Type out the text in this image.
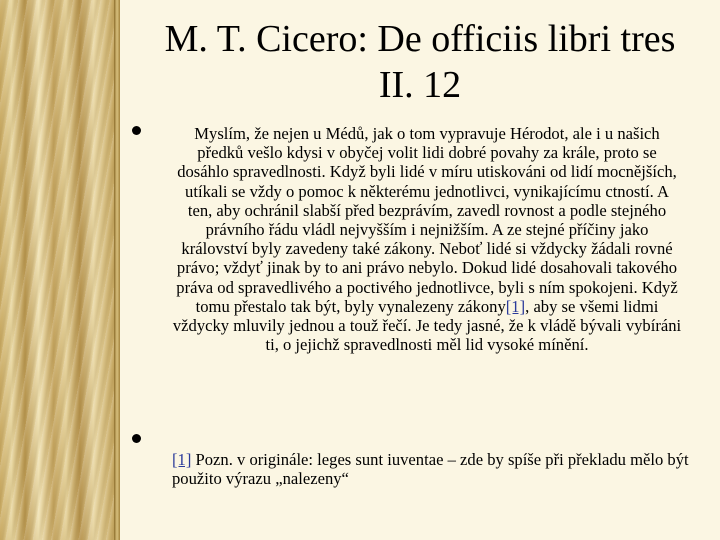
M. T. Cicero: De officiis libri tres
II. 12

Myslím, že nejen u Médů, jak o tom vypravuje Hérodot, ale i u našich předků vešlo kdysi v obyčej volit lidi dobré povahy za krále, proto se dosáhlo spravedlnosti. Když byli lidé v míru utiskováni od lidí mocnějších, utíkali se vždy o pomoc k některému jednotlivci, vynikajícímu ctností. A ten, aby ochránil slabší před bezprávím, zavedl rovnost a podle stejného právního řádu vládl nejvyšším i nejnižším. A ze stejné příčiny jako království byly zavedeny také zákony. Neboť lidé si vždycky žádali rovné právo; vždyť jinak by to ani právo nebylo. Dokud lidé dosahovali takového práva od spravedlivého a poctivého jednotlivce, byli s ním spokojeni. Když tomu přestalo tak být, byly vynalezeny zákony[1], aby se všemi lidmi vždycky mluvily jednou a touž řečí. Je tedy jasné, že k vládě bývali vybíráni ti, o jejichž spravedlnosti měl lid vysoké mínění.

[1] Pozn. v originále: leges sunt iuventae – zde by spíše při překladu mělo být použito výrazu „nalezeny“
